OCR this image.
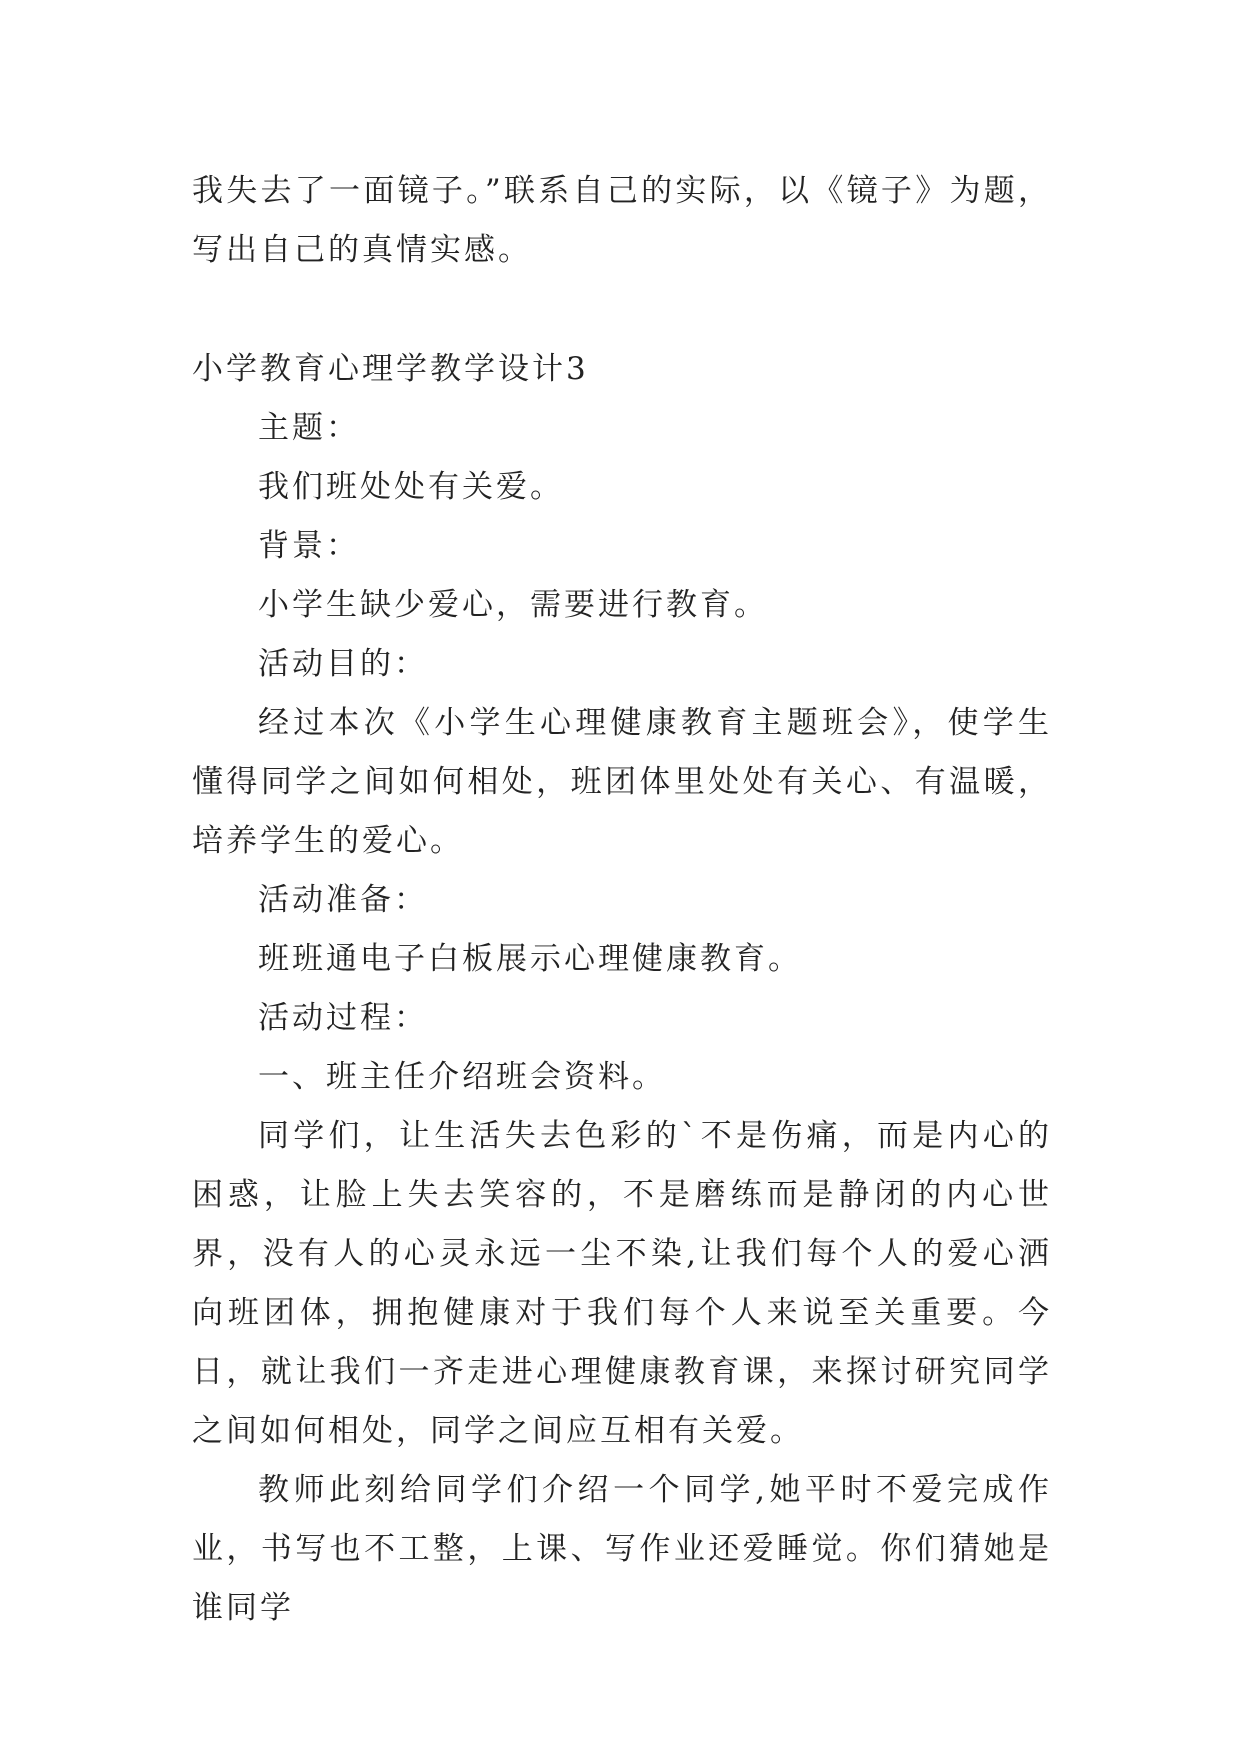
我失去了一面镜子。”联系自己的实际，以《镜子》为题，写出自己的真情实感。

小学教育心理学教学设计3

主题：

我们班处处有关爱。

背景：

小学生缺少爱心，需要进行教育。

活动目的：

经过本次《小学生心理健康教育主题班会》，使学生懂得同学之间如何相处，班团体里处处有关心、有温暖，培养学生的爱心。

活动准备：

班班通电子白板展示心理健康教育。

活动过程：

一、班主任介绍班会资料。

同学们，让生活失去色彩的`不是伤痛，而是内心的困惑，让脸上失去笑容的，不是磨练而是静闭的内心世界，没有人的心灵永远一尘不染,让我们每个人的爱心洒向班团体，拥抱健康对于我们每个人来说至关重要。今日，就让我们一齐走进心理健康教育课，来探讨研究同学之间如何相处，同学之间应互相有关爱。

教师此刻给同学们介绍一个同学,她平时不爱完成作业，书写也不工整，上课、写作业还爱睡觉。你们猜她是谁同学
